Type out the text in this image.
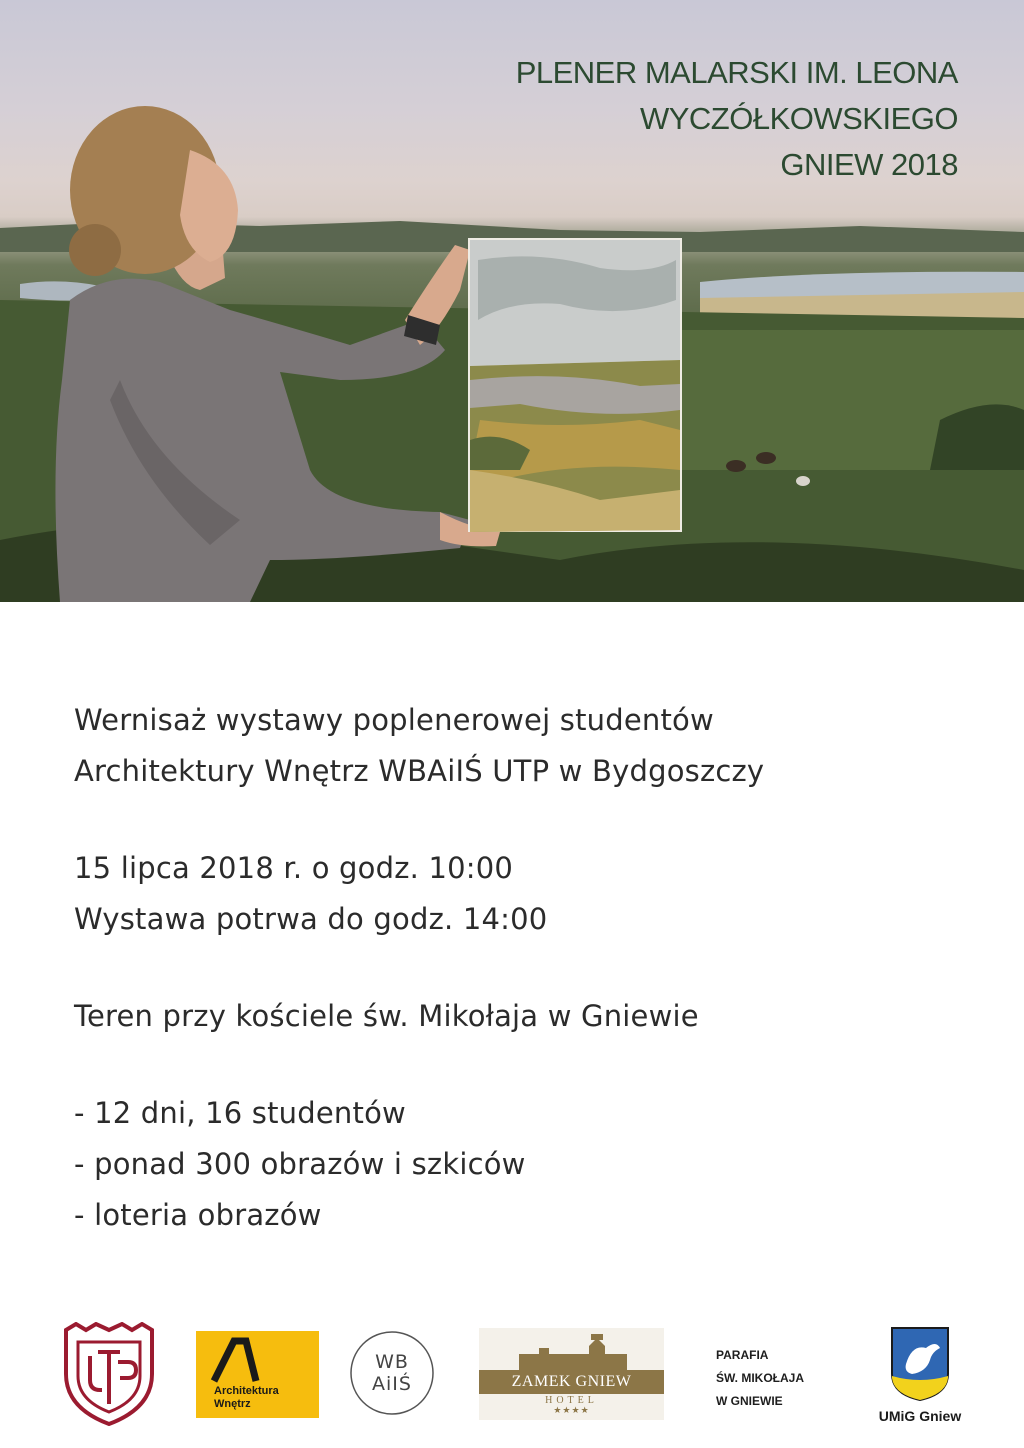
PLENER MALARSKI IM. LEONA
WYCZÓŁKOWSKIEGO
GNIEW 2018

Wernisaż wystawy poplenerowej studentów

Architektury Wnętrz WBAiIŚ UTP w Bydgoszczy

15 lipca 2018 r. o godz. 10:00

Wystawa potrwa do godz. 14:00

Teren przy kościele św. Mikołaja w Gniewie

- 12 dni, 16 studentów

- ponad 300 obrazów i szkiców

- loteria obrazów

Architektura
Wnętrz
WB
AiIŚ	ZAMEK GNIEW
HOTEL
★★★★
PARAFIA
ŚW. MIKOŁAJA
W GNIEWIE
UMiG Gniew
